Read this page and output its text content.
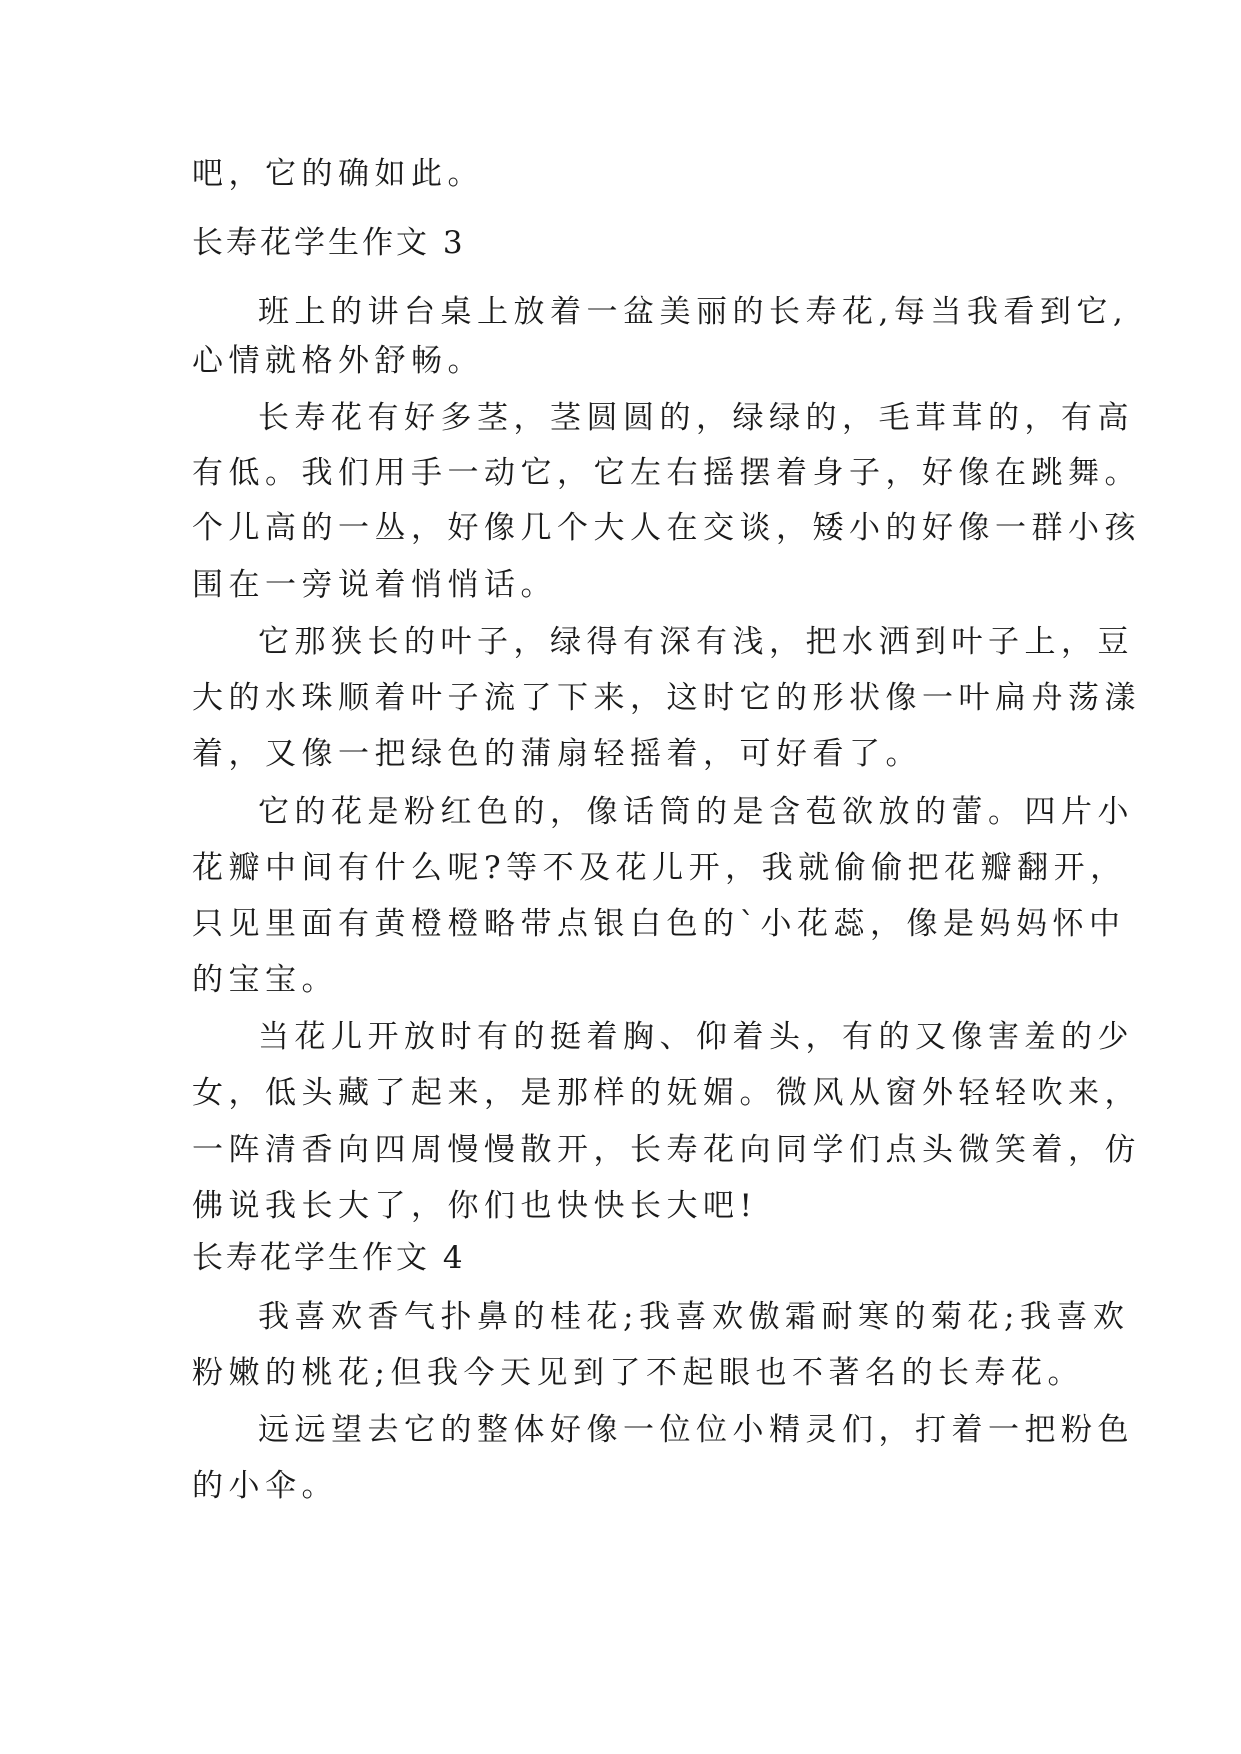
吧，它的确如此。

长寿花学生作文 3

班上的讲台桌上放着一盆美丽的长寿花,每当我看到它,

心情就格外舒畅。

长寿花有好多茎，茎圆圆的，绿绿的，毛茸茸的，有高

有低。我们用手一动它，它左右摇摆着身子，好像在跳舞。

个儿高的一丛，好像几个大人在交谈，矮小的好像一群小孩

围在一旁说着悄悄话。

它那狭长的叶子，绿得有深有浅，把水洒到叶子上，豆

大的水珠顺着叶子流了下来，这时它的形状像一叶扁舟荡漾

着，又像一把绿色的蒲扇轻摇着，可好看了。

它的花是粉红色的，像话筒的是含苞欲放的蕾。四片小

花瓣中间有什么呢?等不及花儿开，我就偷偷把花瓣翻开，

只见里面有黄橙橙略带点银白色的`小花蕊，像是妈妈怀中

的宝宝。

当花儿开放时有的挺着胸、仰着头，有的又像害羞的少

女，低头藏了起来，是那样的妩媚。微风从窗外轻轻吹来，

一阵清香向四周慢慢散开，长寿花向同学们点头微笑着，仿

佛说我长大了，你们也快快长大吧!

长寿花学生作文 4

我喜欢香气扑鼻的桂花;我喜欢傲霜耐寒的菊花;我喜欢

粉嫩的桃花;但我今天见到了不起眼也不著名的长寿花。

远远望去它的整体好像一位位小精灵们，打着一把粉色

的小伞。
